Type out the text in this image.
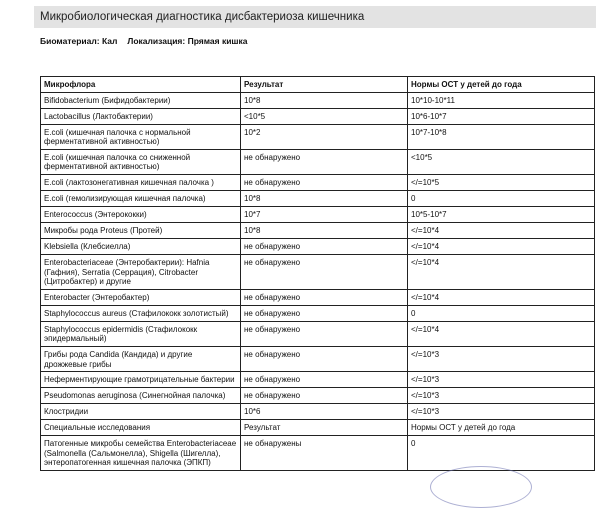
Микробиологическая диагностика дисбактериоза кишечника
Биоматериал: Кал Локализация: Прямая кишка
Микрофлора	Результат	Нормы ОСТ у детей до года
Bifidobacterium (Бифидобактерии)	10*8	10*10-10*11
Lactobacillus (Лактобактерии)	<10*5	10*6-10*7
E.coli (кишечная палочка с нормальной ферментативной активностью)	10*2	10*7-10*8
E.coli (кишечная палочка со сниженной ферментативной активностью)	не обнаружено	<10*5
E.coli (лактозонегативная кишечная палочка )	не обнаружено	</=10*5
E.coli (гемолизирующая кишечная палочка)	10*8	0
Enterococcus (Энтерококки)	10*7	10*5-10*7
Микробы рода Proteus (Протей)	10*8	</=10*4
Klebsiella (Клебсиелла)	не обнаружено	</=10*4
Enterobacteriaceae (Энтеробактерии): Hafnia (Гафния), Serratia (Серрация), Citrobacter (Цитробактер) и другие	не обнаружено	</=10*4
Enterobacter (Энтеробактер)	не обнаружено	</=10*4
Staphylococcus aureus (Стафилококк золотистый)	не обнаружено	0
Staphylococcus epidermidis (Стафилококк эпидермальный)	не обнаружено	</=10*4
Грибы рода Candida (Кандида) и другие дрожжевые грибы	не обнаружено	</=10*3
Неферментирующие грамотрицательные бактерии	не обнаружено	</=10*3
Pseudomonas aeruginosa (Синегнойная палочка)	не обнаружено	</=10*3
Клостридии	10*6	</=10*3
Специальные исследования	Результат	Нормы ОСТ у детей до года
Патогенные микробы семейства Enterobacteriaceae (Salmonella (Сальмонелла), Shigella (Шигелла), энтеропатогенная кишечная палочка (ЭПКП)	не обнаружены	0
